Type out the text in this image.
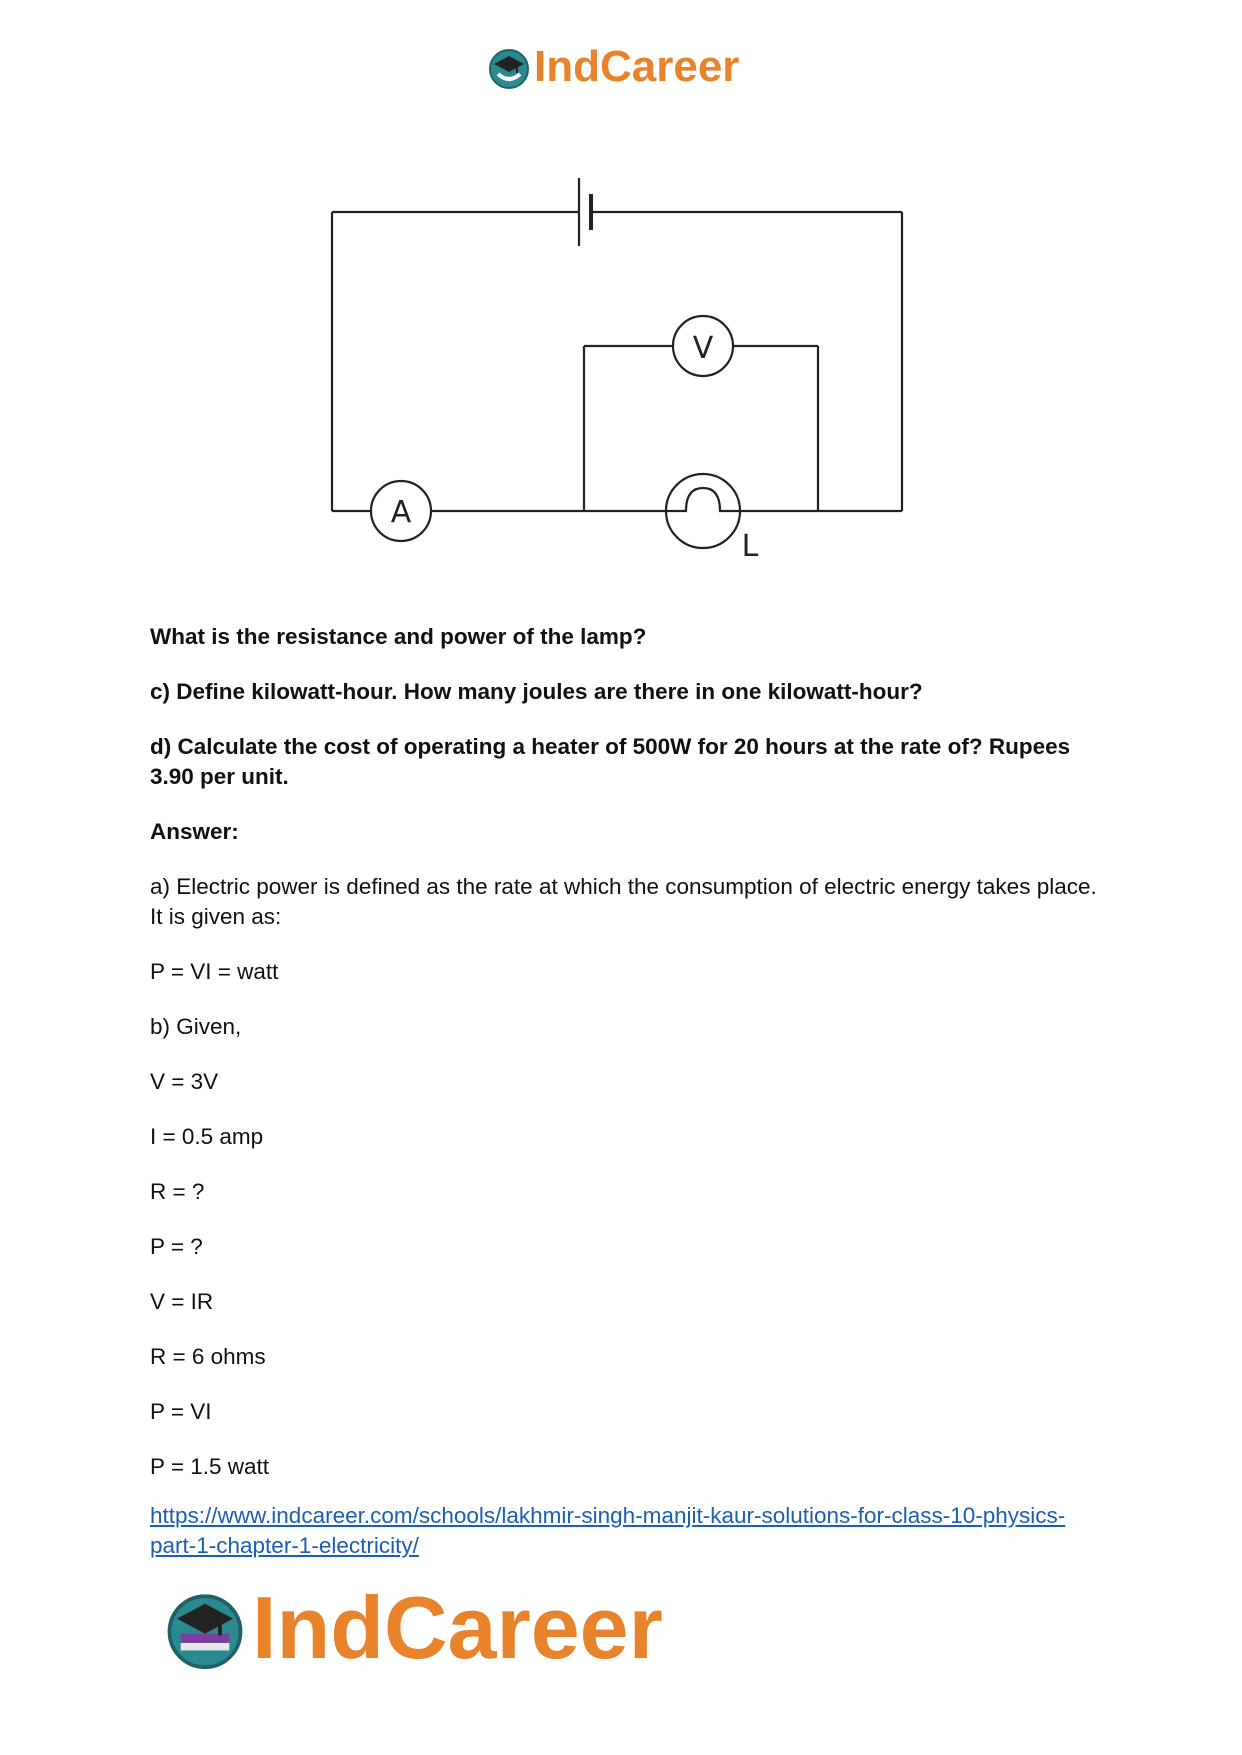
IndCareer
A
V
L

What is the resistance and power of the lamp?

c) Define kilowatt-hour. How many joules are there in one kilowatt-hour?

d) Calculate the cost of operating a heater of 500W for 20 hours at the rate of? Rupees 3.90 per unit.

Answer:

a) Electric power is defined as the rate at which the consumption of electric energy takes place. It is given as:

P = VI = watt

b) Given,

V = 3V

I = 0.5 amp

R = ?

P = ?

V = IR

R = 6 ohms

P = VI

P = 1.5 watt

https://www.indcareer.com/schools/lakhmir-singh-manjit-kaur-solutions-for-class-10-physics-part-1-chapter-1-electricity/
IndCareer
